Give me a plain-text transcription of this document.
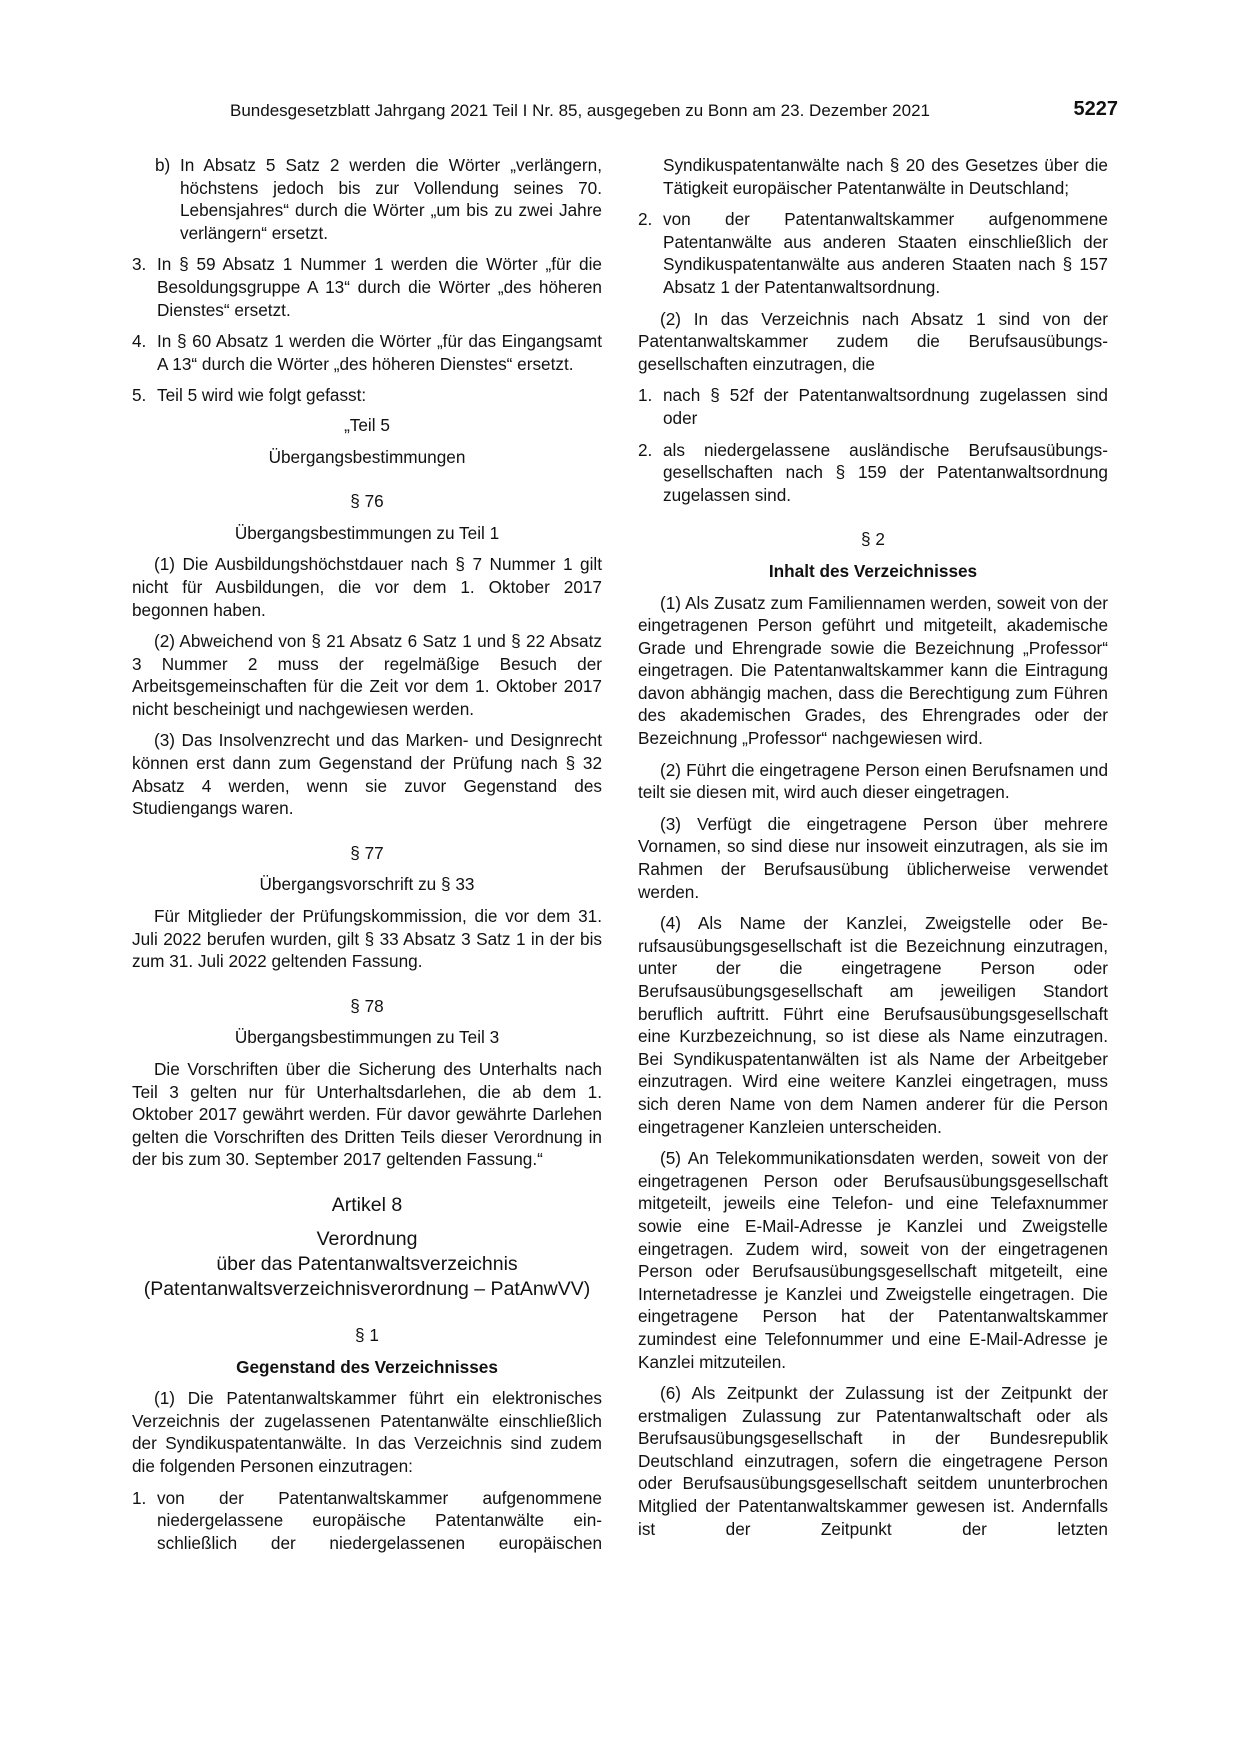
Bundesgesetzblatt Jahrgang 2021 Teil I Nr. 85, ausgegeben zu Bonn am 23. Dezember 2021	5227
b) In Absatz 5 Satz 2 werden die Wörter „verlängern, höchstens jedoch bis zur Vollendung seines 70. Lebensjahres“ durch die Wörter „um bis zu zwei Jahre verlängern“ ersetzt.
3. In § 59 Absatz 1 Nummer 1 werden die Wörter „für die Besoldungsgruppe A 13“ durch die Wörter „des höheren Dienstes“ ersetzt.
4. In § 60 Absatz 1 werden die Wörter „für das Eingangsamt A 13“ durch die Wörter „des höheren Dienstes“ ersetzt.
5. Teil 5 wird wie folgt gefasst:

„Teil 5

Übergangsbestimmungen

§ 76

Übergangsbestimmungen zu Teil 1

(1) Die Ausbildungshöchstdauer nach § 7 Nummer 1 gilt nicht für Ausbildungen, die vor dem 1. Oktober 2017 begonnen haben.

(2) Abweichend von § 21 Absatz 6 Satz 1 und § 22 Absatz 3 Nummer 2 muss der regelmäßige Besuch der Arbeitsgemeinschaften für die Zeit vor dem 1. Oktober 2017 nicht bescheinigt und nachgewiesen werden.

(3) Das Insolvenzrecht und das Marken- und Designrecht können erst dann zum Gegenstand der Prüfung nach § 32 Absatz 4 werden, wenn sie zuvor Gegenstand des Studiengangs waren.

§ 77

Übergangsvorschrift zu § 33

Für Mitglieder der Prüfungskommission, die vor dem 31. Juli 2022 berufen wurden, gilt § 33 Absatz 3 Satz 1 in der bis zum 31. Juli 2022 geltenden Fassung.

§ 78

Übergangsbestimmungen zu Teil 3

Die Vorschriften über die Sicherung des Unterhalts nach Teil 3 gelten nur für Unterhaltsdarlehen, die ab dem 1. Oktober 2017 gewährt werden. Für davor gewährte Darlehen gelten die Vorschriften des Dritten Teils dieser Verordnung in der bis zum 30. September 2017 geltenden Fassung.“

Artikel 8
Verordnung
über das Patentanwaltsverzeichnis
(Patentanwaltsverzeichnisverordnung – PatAnwVV)

§ 1

Gegenstand des Verzeichnisses

(1) Die Patentanwaltskammer führt ein elektronisches Verzeichnis der zugelassenen Patentanwälte einschließlich der Syndikuspatentanwälte. In das Verzeichnis sind zudem die folgenden Personen einzutragen:

1. von der Patentanwaltskammer aufgenommene niedergelassene europäische Patentanwälte einschließlich der niedergelassenen europäischen

Syndikuspatentanwälte nach § 20 des Gesetzes über die Tätigkeit europäischer Patentanwälte in Deutschland;

2. von der Patentanwaltskammer aufgenommene Patentanwälte aus anderen Staaten einschließlich der Syndikuspatentanwälte aus anderen Staaten nach § 157 Absatz 1 der Patentanwaltsordnung.

(2) In das Verzeichnis nach Absatz 1 sind von der Patentanwaltskammer zudem die Berufsausübungsgesellschaften einzutragen, die

1. nach § 52f der Patentanwaltsordnung zugelassen sind oder
2. als niedergelassene ausländische Berufsausübungsgesellschaften nach § 159 der Patentanwaltsordnung zugelassen sind.

§ 2

Inhalt des Verzeichnisses

(1) Als Zusatz zum Familiennamen werden, soweit von der eingetragenen Person geführt und mitgeteilt, akademische Grade und Ehrengrade sowie die Bezeichnung „Professor“ eingetragen. Die Patentanwaltskammer kann die Eintragung davon abhängig machen, dass die Berechtigung zum Führen des akademischen Grades, des Ehrengrades oder der Bezeichnung „Professor“ nachgewiesen wird.

(2) Führt die eingetragene Person einen Berufsnamen und teilt sie diesen mit, wird auch dieser eingetragen.

(3) Verfügt die eingetragene Person über mehrere Vornamen, so sind diese nur insoweit einzutragen, als sie im Rahmen der Berufsausübung üblicherweise verwendet werden.

(4) Als Name der Kanzlei, Zweigstelle oder Berufsausübungsgesellschaft ist die Bezeichnung einzutragen, unter der die eingetragene Person oder Berufsausübungsgesellschaft am jeweiligen Standort beruflich auftritt. Führt eine Berufsausübungsgesellschaft eine Kurzbezeichnung, so ist diese als Name einzutragen. Bei Syndikuspatentanwälten ist als Name der Arbeitgeber einzutragen. Wird eine weitere Kanzlei eingetragen, muss sich deren Name von dem Namen anderer für die Person eingetragener Kanzleien unterscheiden.

(5) An Telekommunikationsdaten werden, soweit von der eingetragenen Person oder Berufsausübungsgesellschaft mitgeteilt, jeweils eine Telefon- und eine Telefaxnummer sowie eine E-Mail-Adresse je Kanzlei und Zweigstelle eingetragen. Zudem wird, soweit von der eingetragenen Person oder Berufsausübungsgesellschaft mitgeteilt, eine Internetadresse je Kanzlei und Zweigstelle eingetragen. Die eingetragene Person hat der Patentanwaltskammer zumindest eine Telefonnummer und eine E-Mail-Adresse je Kanzlei mitzuteilen.

(6) Als Zeitpunkt der Zulassung ist der Zeitpunkt der erstmaligen Zulassung zur Patentanwaltschaft oder als Berufsausübungsgesellschaft in der Bundesrepublik Deutschland einzutragen, sofern die eingetragene Person oder Berufsausübungsgesellschaft seitdem ununterbrochen Mitglied der Patentanwaltskammer gewesen ist. Andernfalls ist der Zeitpunkt der letzten
